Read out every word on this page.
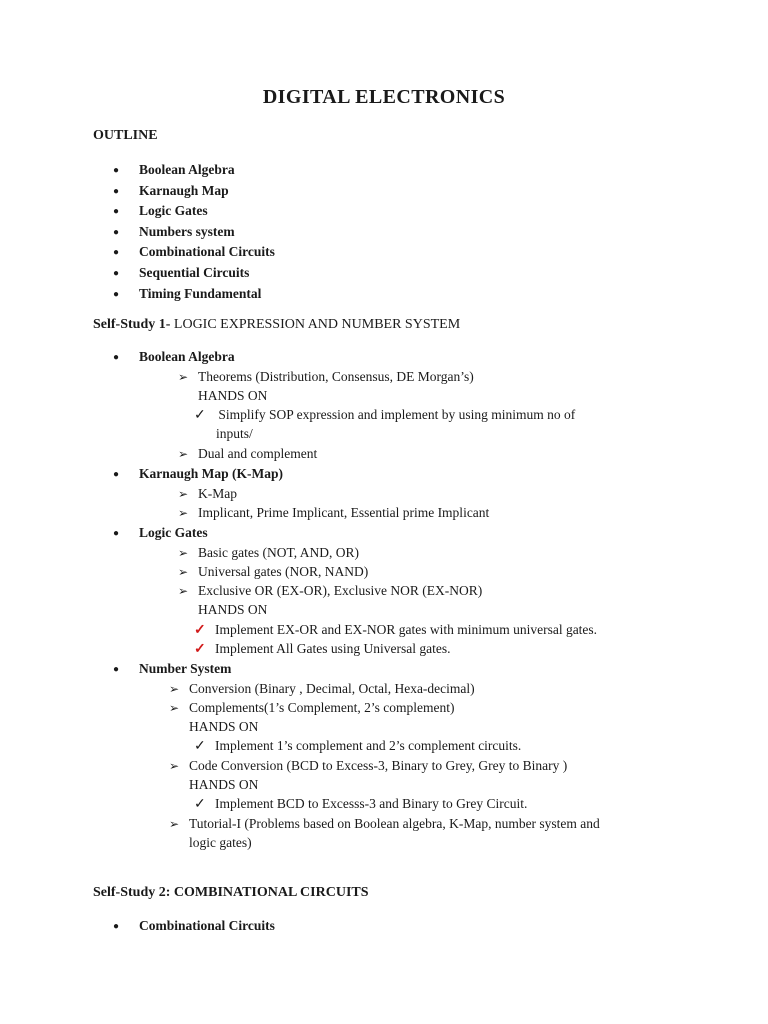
DIGITAL ELECTRONICS
OUTLINE
● Boolean Algebra
● Karnaugh Map
● Logic Gates
● Numbers system
● Combinational Circuits
● Sequential Circuits
● Timing Fundamental
Self-Study 1- LOGIC EXPRESSION AND NUMBER SYSTEM
● Boolean Algebra
➢ Theorems (Distribution, Consensus, DE Morgan’s)
HANDS ON
✓ Simplify SOP expression and implement by using minimum no of
inputs/
➢ Dual and complement
● Karnaugh Map (K-Map)
➢ K-Map
➢ Implicant, Prime Implicant, Essential prime Implicant
● Logic Gates
➢ Basic gates (NOT, AND, OR)
➢ Universal gates (NOR, NAND)
➢ Exclusive OR (EX-OR), Exclusive NOR (EX-NOR)
HANDS ON
✓ Implement EX-OR and EX-NOR gates with minimum universal gates.
✓ Implement All Gates using Universal gates.
● Number System
➢ Conversion (Binary , Decimal, Octal, Hexa-decimal)
➢ Complements(1’s Complement, 2’s complement)
HANDS ON
✓ Implement 1’s complement and 2’s complement circuits.
➢ Code Conversion (BCD to Excess-3, Binary to Grey, Grey to Binary )
HANDS ON
✓ Implement BCD to Excesss-3 and Binary to Grey Circuit.
➢ Tutorial-I (Problems based on Boolean algebra, K-Map, number system and
logic gates)
Self-Study 2: COMBINATIONAL CIRCUITS
● Combinational Circuits
